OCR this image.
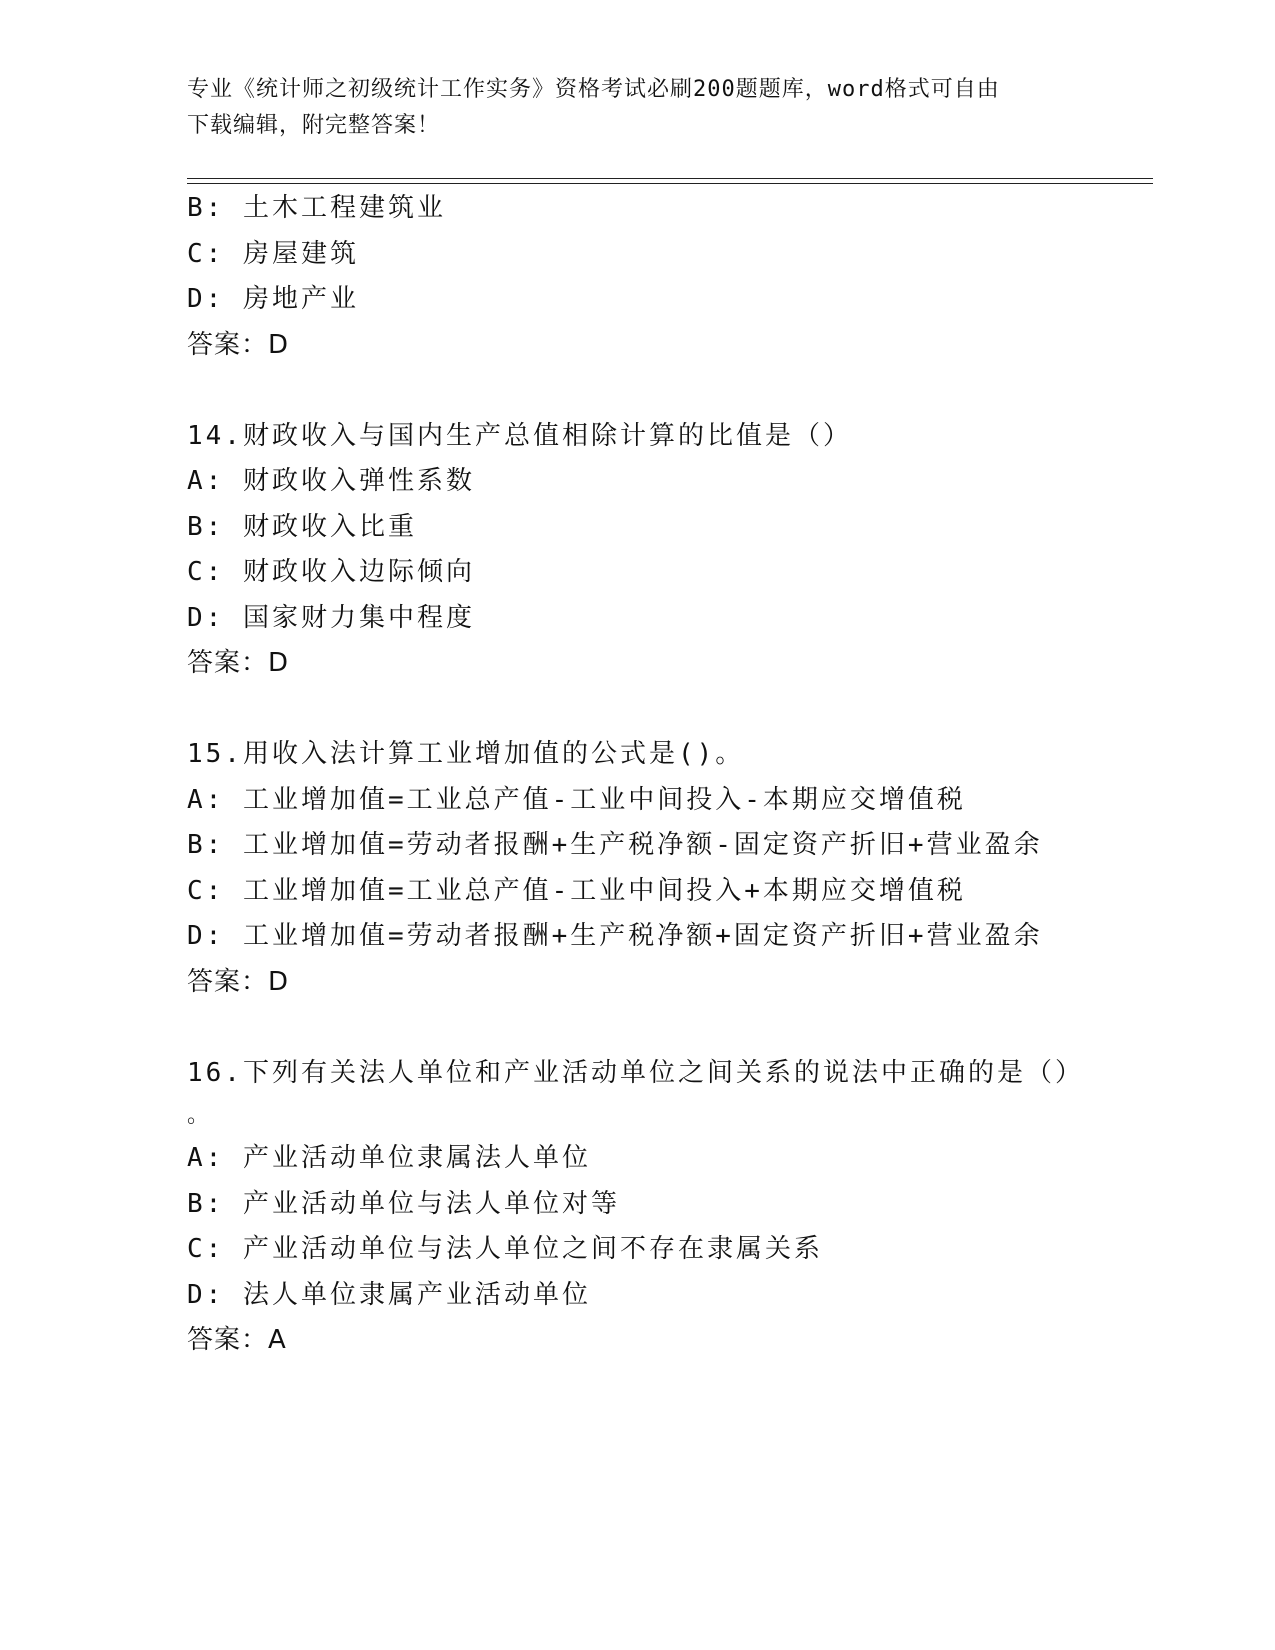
专业《统计师之初级统计工作实务》资格考试必刷200题题库，word格式可自由
下载编辑，附完整答案！
B: 土木工程建筑业
C: 房屋建筑
D: 房地产业
答案：D
14.财政收入与国内生产总值相除计算的比值是（）
A: 财政收入弹性系数
B: 财政收入比重
C: 财政收入边际倾向
D: 国家财力集中程度
答案：D
15.用收入法计算工业增加值的公式是()。
A: 工业增加值=工业总产值-工业中间投入-本期应交增值税
B: 工业增加值=劳动者报酬+生产税净额-固定资产折旧+营业盈余
C: 工业增加值=工业总产值-工业中间投入+本期应交增值税
D: 工业增加值=劳动者报酬+生产税净额+固定资产折旧+营业盈余
答案：D
16.下列有关法人单位和产业活动单位之间关系的说法中正确的是（）
。
A: 产业活动单位隶属法人单位
B: 产业活动单位与法人单位对等
C: 产业活动单位与法人单位之间不存在隶属关系
D: 法人单位隶属产业活动单位
答案：A
